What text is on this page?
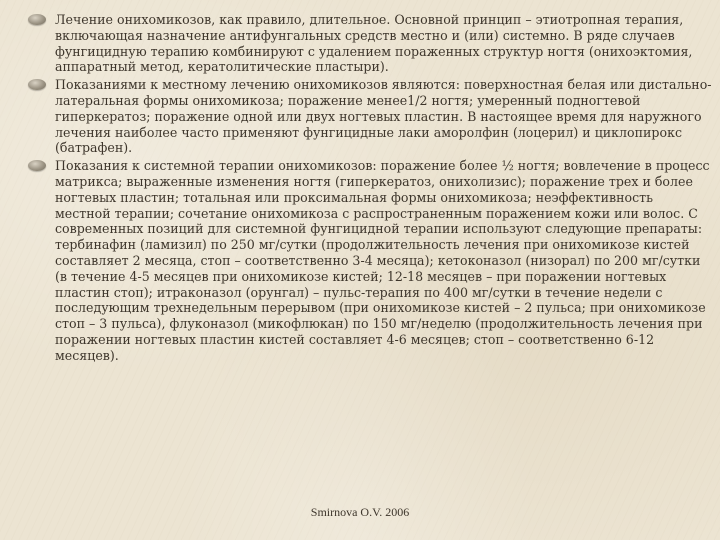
Лечение онихомикозов, как правило, длительное. Основной принцип – этиотропная терапия, включающая назначение антифунгальных средств местно и (или) системно. В ряде случаев фунгицидную терапию комбинируют с удалением пораженных структур ногтя (онихоэктомия, аппаратный метод, кератолитические пластыри).

Показаниями к местному лечению онихомикозов являются: поверхностная белая или дистально-латеральная формы онихомикоза; поражение менее1/2 ногтя; умеренный подногтевой гиперкератоз; поражение одной или двух ногтевых пластин. В настоящее время для наружного лечения наиболее часто применяют фунгицидные лаки аморолфин (лоцерил) и циклопирокс (батрафен).

Показания к системной терапии онихомикозов: поражение более ½ ногтя; вовлечение в процесс матрикса; выраженные изменения ногтя (гиперкератоз, онихолизис); поражение трех и более ногтевых пластин; тотальная или проксимальная формы онихомикоза; неэффективность местной терапии; сочетание онихомикоза с распространенным поражением кожи или волос. С современных позиций для системной фунгицидной терапии используют следующие препараты: тербинафин (ламизил) по 250 мг/сутки (продолжительность лечения при онихомикозе кистей составляет 2 месяца, стоп – соответственно 3-4 месяца); кетоконазол (низорал) по 200 мг/сутки (в течение 4-5 месяцев при онихомикозе кистей; 12-18 месяцев – при поражении ногтевых пластин стоп); итраконазол (орунгал) – пульс-терапия по 400 мг/сутки в течение недели с последующим трехнедельным перерывом (при онихомикозе кистей – 2 пульса; при онихомикозе стоп – 3 пульса), флуконазол (микофлюкан) по 150 мг/неделю (продолжительность лечения при поражении ногтевых пластин кистей составляет 4-6 месяцев; стоп – соответственно 6-12 месяцев).

Smirnova O.V. 2006
